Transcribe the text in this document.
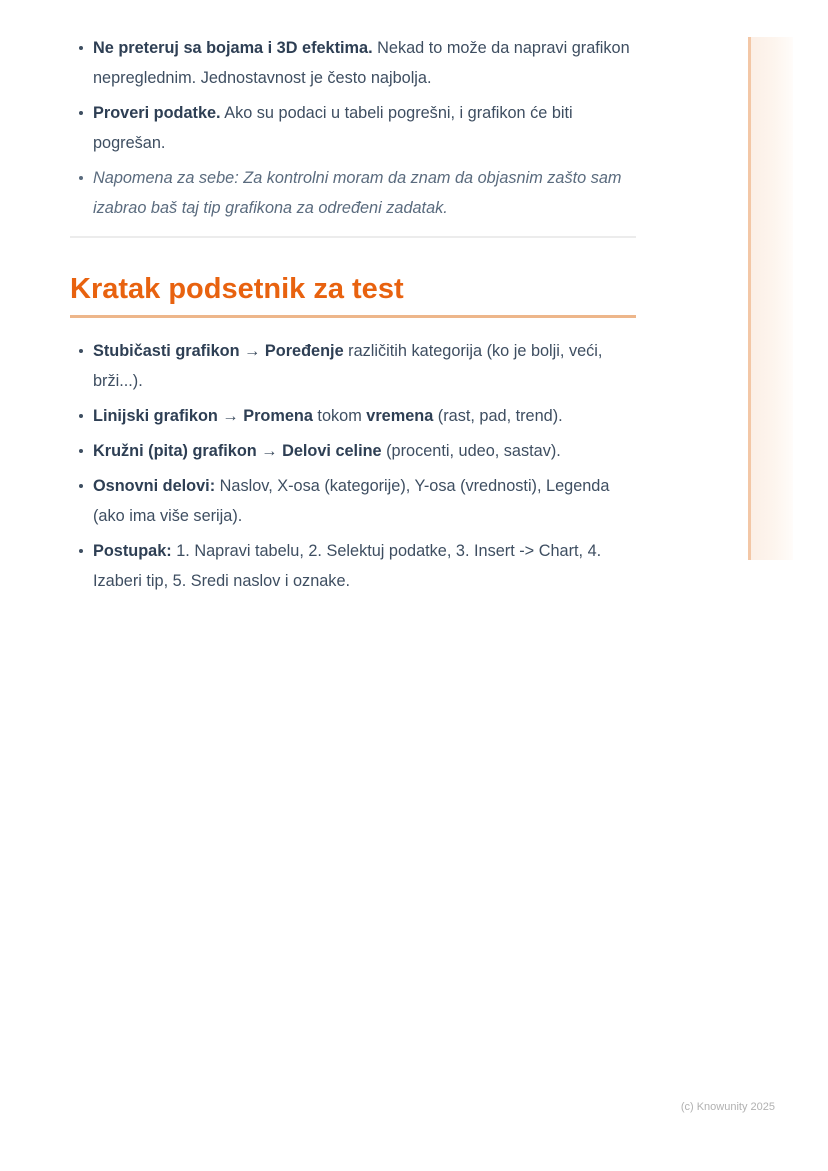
Ne preteruj sa bojama i 3D efektima. Nekad to može da napravi grafikon nepreglednim. Jednostavnost je često najbolja.
Proveri podatke. Ako su podaci u tabeli pogrešni, i grafikon će biti pogrešan.
Napomena za sebe: Za kontrolni moram da znam da objasnim zašto sam izabrao baš taj tip grafikona za određeni zadatak.
Kratak podsetnik za test
Stubičasti grafikon → Poređenje različitih kategorija (ko je bolji, veći, brži...).
Linijski grafikon → Promena tokom vremena (rast, pad, trend).
Kružni (pita) grafikon → Delovi celine (procenti, udeo, sastav).
Osnovni delovi: Naslov, X-osa (kategorije), Y-osa (vrednosti), Legenda (ako ima više serija).
Postupak: 1. Napravi tabelu, 2. Selektuj podatke, 3. Insert -> Chart, 4. Izaberi tip, 5. Sredi naslov i oznake.
(c) Knowunity 2025
